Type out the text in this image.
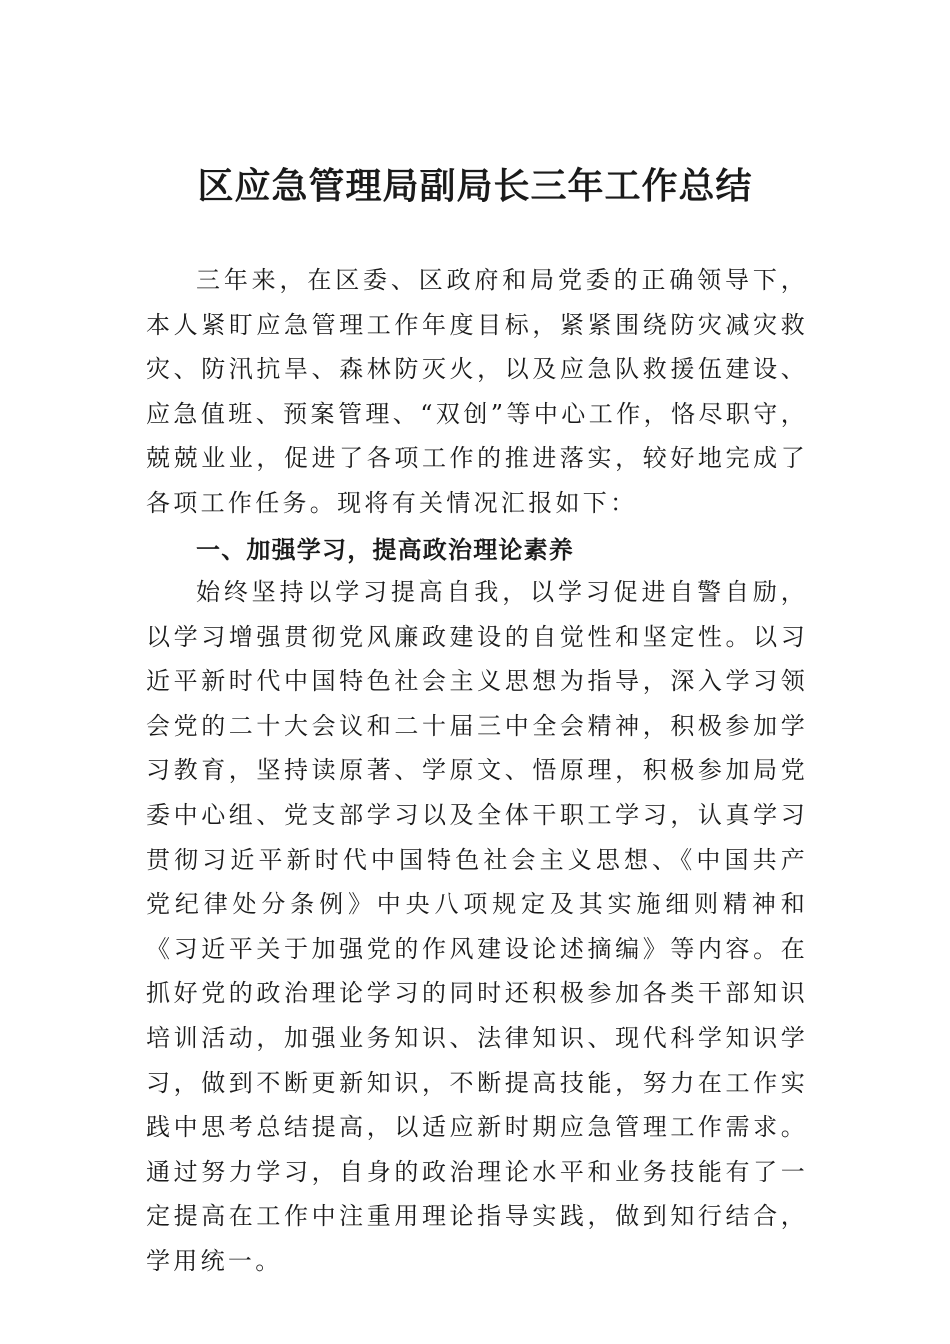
区应急管理局副局长三年工作总结

三年来，在区委、区政府和局党委的正确领导下，本人紧盯应急管理工作年度目标，紧紧围绕防灾减灾救灾、防汛抗旱、森林防灭火，以及应急队救援伍建设、应急值班、预案管理、“双创”等中心工作，恪尽职守，兢兢业业，促进了各项工作的推进落实，较好地完成了各项工作任务。现将有关情况汇报如下：

一、加强学习，提高政治理论素养

始终坚持以学习提高自我，以学习促进自警自励，以学习增强贯彻党风廉政建设的自觉性和坚定性。以习近平新时代中国特色社会主义思想为指导，深入学习领会党的二十大会议和二十届三中全会精神，积极参加学习教育，坚持读原著、学原文、悟原理，积极参加局党委中心组、党支部学习以及全体干职工学习，认真学习贯彻习近平新时代中国特色社会主义思想、《中国共产党纪律处分条例》中央八项规定及其实施细则精神和《习近平关于加强党的作风建设论述摘编》等内容。在抓好党的政治理论学习的同时还积极参加各类干部知识培训活动，加强业务知识、法律知识、现代科学知识学习，做到不断更新知识，不断提高技能，努力在工作实践中思考总结提高，以适应新时期应急管理工作需求。通过努力学习，自身的政治理论水平和业务技能有了一定提高在工作中注重用理论指导实践，做到知行结合，学用统一。
